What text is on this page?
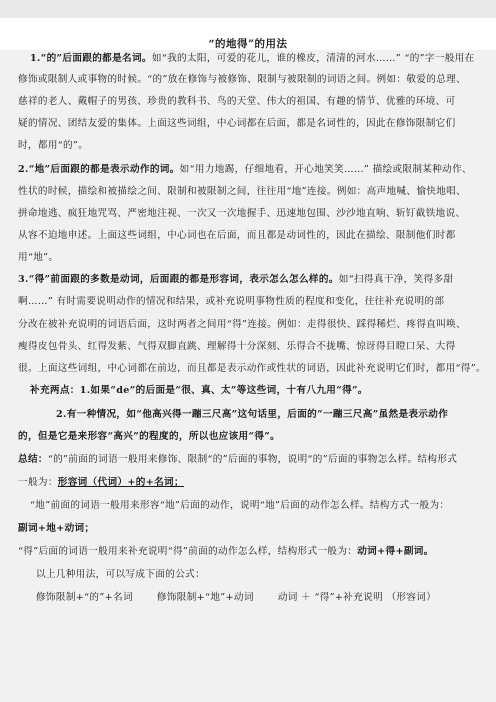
“的地得”的用法
1.“的”后面跟的都是名词。如“我的太阳，可爱的花儿，谁的橡皮，清清的河水……” “的”字一般用在
修饰或限制人或事物的时候。“的”放在修饰与被修饰、限制与被限制的词语之间。例如：敬爱的总理、
慈祥的老人、戴帽子的男孩、珍贵的教科书、鸟的天堂、伟大的祖国、有趣的情节、优雅的环境、可
疑的情况、团结友爱的集体。上面这些词组，中心词都在后面，都是名词性的，因此在修饰限制它们
时，都用“的”。
2.“地”后面跟的都是表示动作的词。如“用力地踢，仔细地看，开心地笑笑……” 描绘或限制某种动作、
性状的时候，描绘和被描绘之间、限制和被限制之间，往往用“地”连接。例如：高声地喊、愉快地唱、
拼命地逃、疯狂地咒骂、严密地注视、一次又一次地握手、迅速地包围、沙沙地直响、斩钉截铁地说、
从容不迫地申述。上面这些词组，中心词也在后面，而且都是动词性的，因此在描绘、限制他们时都
用“地”。
3.“得”前面跟的多数是动词，后面跟的都是形容词，表示怎么怎么样的。如“扫得真干净，笑得多甜
啊……” 有时需要说明动作的情况和结果，或补充说明事物性质的程度和变化，往往补充说明的部
分改在被补充说明的词语后面，这时两者之间用“得”连接。例如：走得很快、踩得稀烂、疼得直叫唤、
瘦得皮包骨头、红得发紫、气得双脚直跳、理解得十分深刻、乐得合不拢嘴、惊讶得目瞪口呆、大得
很。上面这些词组，中心词都在前边，而且都是表示动作或性状的词语，因此补充说明它们时，都用“得”。
补充两点：1.如果“de”的后面是“很、真、太”等这些词，十有八九用“得”。
2.有一种情况，如“他高兴得一蹦三尺高”这句话里，后面的“一蹦三尺高”虽然是表示动作
的，但是它是来形容“高兴”的程度的，所以也应该用“得”。
总结：“的”前面的词语一般用来修饰、限制“的”后面的事物，说明“的”后面的事物怎么样。结构形式
一般为：形容词（代词）+的+名词；
“地”前面的词语一般用来形容“地”后面的动作，说明“地”后面的动作怎么样。结构方式一般为：
副词+地+动词；
“得”后面的词语一般用来补充说明“得”前面的动作怎么样，结构形式一般为：动词+得+副词。
以上几种用法，可以写成下面的公式：
修饰限制+“的”+名词	修饰限制+“地”+动词	动词 ＋ “得”+补充说明 （形容词）
